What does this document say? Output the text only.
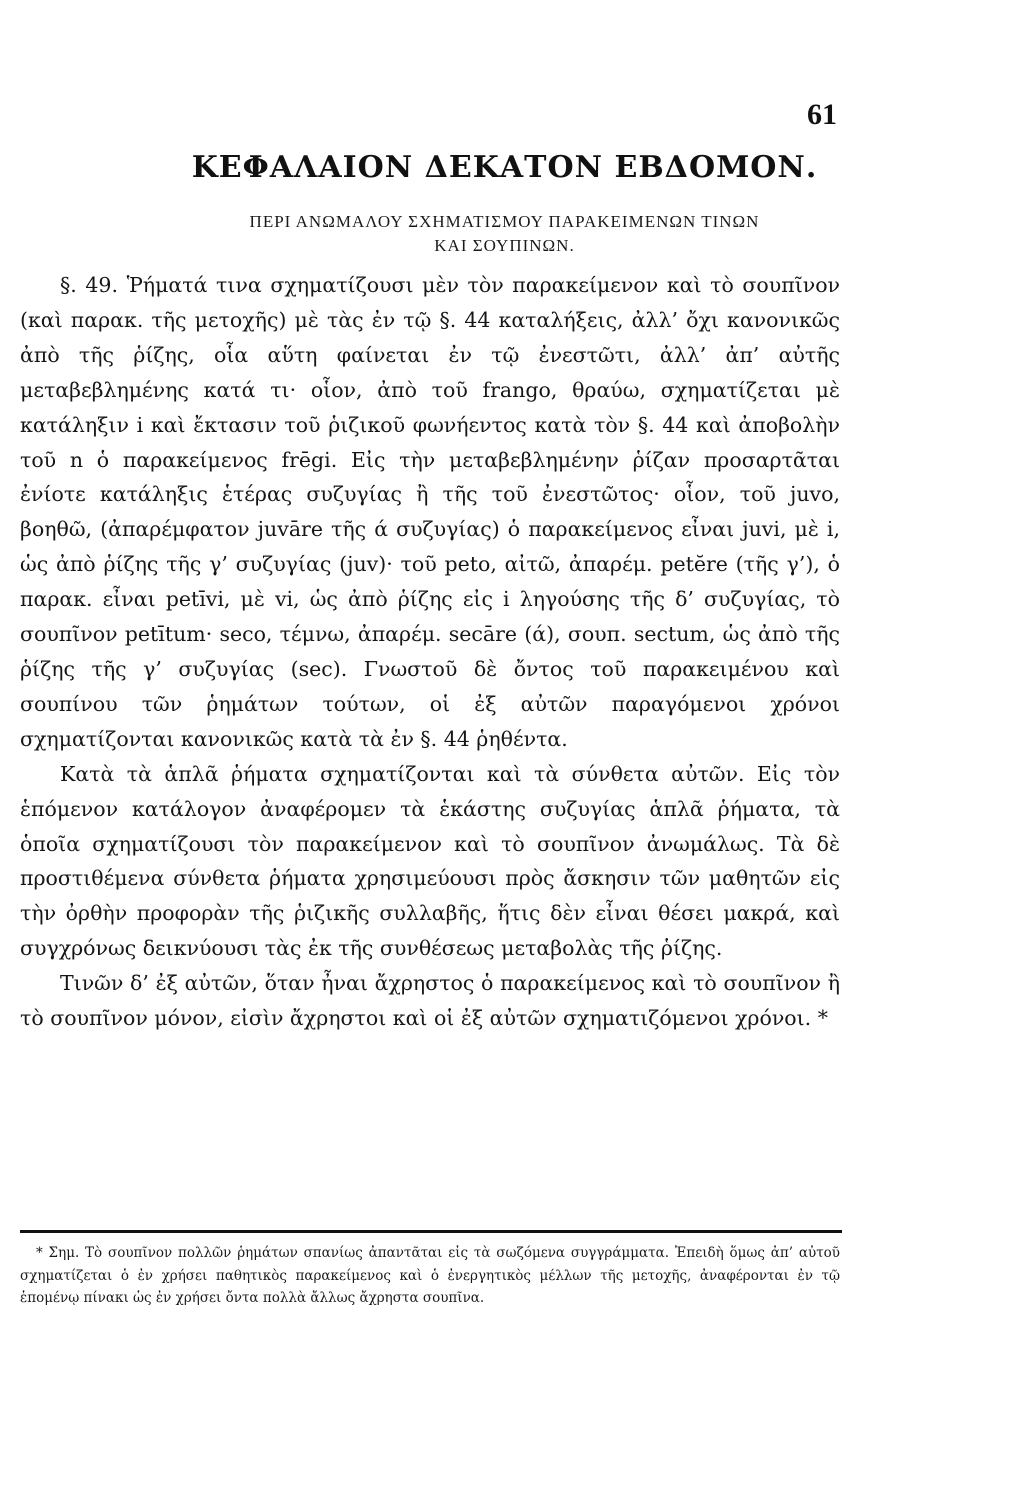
61
ΚΕΦΑΛΑΙΟΝ ΔΕΚΑΤΟΝ ΕΒΔΟΜΟΝ.
ΠΕΡΙ ΑΝΩΜΑΛΟΥ ΣΧΗΜΑΤΙΣΜΟΥ ΠΑΡΑΚΕΙΜΕΝΩΝ ΤΙΝΩΝ
ΚΑΙ ΣΟΥΠΙΝΩΝ.

§. 49. Ῥήματά τινα σχηματίζουσι μὲν τὸν παρακείμενον καὶ τὸ σουπῖνον (καὶ παρακ. τῆς μετοχῆς) μὲ τὰς ἐν τῷ §. 44 καταλήξεις, ἀλλ’ ὄχι κανονικῶς ἀπὸ τῆς ῥίζης, οἷα αὕτη φαίνεται ἐν τῷ ἐνεστῶτι, ἀλλ’ ἀπ’ αὐτῆς μεταβεβλημένης κατά τι· οἷον, ἀπὸ τοῦ frango, θραύω, σχηματίζεται μὲ κατάληξιν i καὶ ἔκτασιν τοῦ ῥιζικοῦ φωνήεντος κατὰ τὸν §. 44 καὶ ἀποβολὴν τοῦ n ὁ παρακείμενος frēgi. Εἰς τὴν μεταβεβλημένην ῥίζαν προσαρτᾶται ἐνίοτε κατάληξις ἑτέρας συζυγίας ἢ τῆς τοῦ ἐνεστῶτος· οἷον, τοῦ juvo, βοηθῶ, (ἀπαρέμφατον juvāre τῆς ά συζυγίας) ὁ παρακείμενος εἶναι juvi, μὲ i, ὡς ἀπὸ ῥίζης τῆς γ’ συζυγίας (juv)· τοῦ peto, αἰτῶ, ἀπαρέμ. petĕre (τῆς γ’), ὁ παρακ. εἶναι petīvi, μὲ vi, ὡς ἀπὸ ῥίζης εἰς i ληγούσης τῆς δ’ συζυγίας, τὸ σουπῖνον petītum· seco, τέμνω, ἀπαρέμ. secāre (ά), σουπ. sectum, ὡς ἀπὸ τῆς ῥίζης τῆς γ’ συζυγίας (sec). Γνωστοῦ δὲ ὄντος τοῦ παρακειμένου καὶ σουπίνου τῶν ῥημάτων τούτων, οἱ ἐξ αὐτῶν παραγόμενοι χρόνοι σχηματίζονται κανονικῶς κατὰ τὰ ἐν §. 44 ῥηθέντα.

Κατὰ τὰ ἁπλᾶ ῥήματα σχηματίζονται καὶ τὰ σύνθετα αὐτῶν. Εἰς τὸν ἑπόμενον κατάλογον ἀναφέρομεν τὰ ἑκάστης συζυγίας ἁπλᾶ ῥήματα, τὰ ὁποῖα σχηματίζουσι τὸν παρακείμενον καὶ τὸ σουπῖνον ἀνωμάλως. Τὰ δὲ προστιθέμενα σύνθετα ῥήματα χρησιμεύουσι πρὸς ἄσκησιν τῶν μαθητῶν εἰς τὴν ὀρθὴν προφορὰν τῆς ῥιζικῆς συλλαβῆς, ἥτις δὲν εἶναι θέσει μακρά, καὶ συγχρόνως δεικνύουσι τὰς ἐκ τῆς συνθέσεως μεταβολὰς τῆς ῥίζης.

Τινῶν δ’ ἐξ αὐτῶν, ὅταν ἦναι ἄχρηστος ὁ παρακείμενος καὶ τὸ σουπῖνον ἢ τὸ σουπῖνον μόνον, εἰσὶν ἄχρηστοι καὶ οἱ ἐξ αὐτῶν σχηματιζόμενοι χρόνοι. *

* Σημ. Τὸ σουπῖνον πολλῶν ῥημάτων σπανίως ἀπαντᾶται εἰς τὰ σωζόμενα συγγράμματα. Ἐπειδὴ ὅμως ἀπ’ αὐτοῦ σχηματίζεται ὁ ἐν χρήσει παθητικὸς παρακείμενος καὶ ὁ ἐνεργητικὸς μέλλων τῆς μετοχῆς, ἀναφέρονται ἐν τῷ ἑπομένῳ πίνακι ὡς ἐν χρήσει ὄντα πολλὰ ἄλλως ἄχρηστα σουπῖνα.
